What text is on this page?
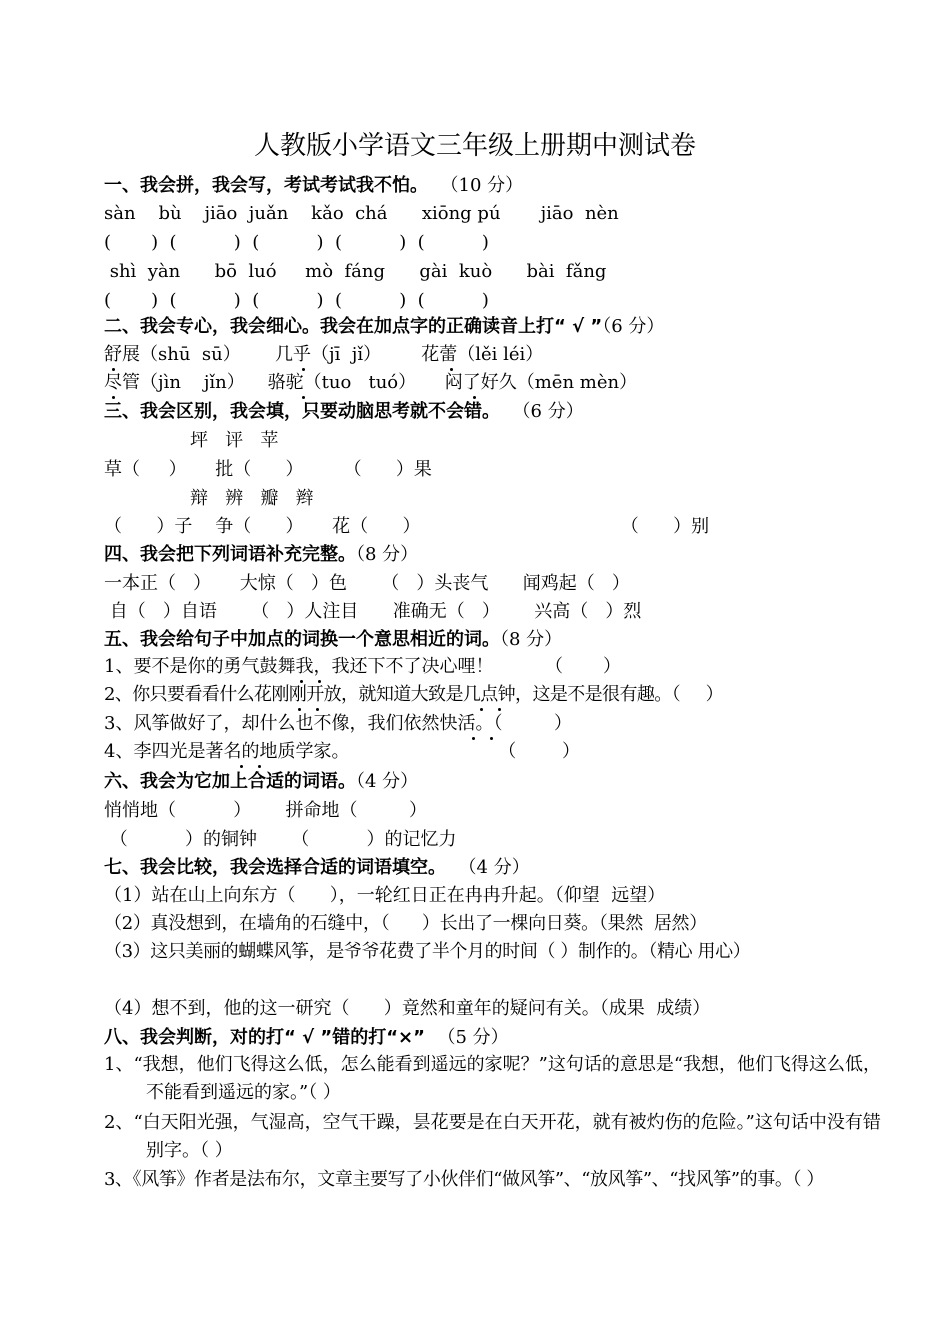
人教版小学语文三年级上册期中测试卷
一、我会拼，我会写，考试考试我不怕。 （10 分）
sàn    bù    jiāo  juǎn    kǎo  chá      xiōng pú       jiāo  nèn
(       )  (          )  (          )  (          )  (          )
shì  yàn      bō  luó     mò  fáng      gài  kuò      bài  fǎng
(       )  (          )  (          )  (          )  (          )
二、我会专心，我会细心。我会在加点字的正确读音上打“ √ ”（6 分）
舒展（shū  sū）      几乎（jī  jǐ）       花蕾（lěi léi）
尽管（jìn    jǐn）    骆驼（tuo   tuó）     闷了好久（mēn mèn）
三、我会区别，我会填，只要动脑思考就不会错。 （6 分）
坪   评   苹
草（     ）     批（      ）       （      ）果
辩   辨   瓣   辫
（      ）子    争（      ）     花（      ）                                   （      ）别
四、我会把下列词语补充完整。（8 分）
一本正（   ）     大惊（   ）色      （   ）头丧气      闻鸡起（   ）
自（   ）自语      （   ）人注目      准确无（   ）      兴高（   ）烈
五、我会给句子中加点的词换一个意思相近的词。（8 分）
1、要不是你的勇气鼓舞我，我还下不了决心哩！         （       ）
2、你只要看看什么花刚刚开放，就知道大致是几点钟，这是不是很有趣。（     ）
3、风筝做好了，却什么也不像，我们依然快活。（         ）
4、李四光是著名的地质学家。                          （        ）
六、我会为它加上合适的词语。（4 分）
悄悄地（          ）      拼命地（         ）
（          ）的铜钟      （          ）的记忆力
七、我会比较，我会选择合适的词语填空。 （4 分）
（1）站在山上向东方（      ），一轮红日正在冉冉升起。（仰望  远望）
（2）真没想到，在墙角的石缝中，（      ）长出了一棵向日葵。（果然  居然）
（3）这只美丽的蝴蝶风筝，是爷爷花费了半个月的时间（ ）制作的。（精心 用心）
（4）想不到，他的这一研究（      ）竟然和童年的疑问有关。（成果  成绩）
八、我会判断，对的打“ √ ”错的打“×” （5 分）
1、“我想，他们飞得这么低，怎么能看到遥远的家呢？”这句话的意思是“我想，他们飞得这么低，不能看到遥远的家。”（ ）
2、“白天阳光强，气湿高，空气干躁，昙花要是在白天开花，就有被灼伤的危险。”这句话中没有错别字。（ ）
3、《风筝》作者是法布尔，文章主要写了小伙伴们“做风筝”、“放风筝”、“找风筝”的事。（ ）
